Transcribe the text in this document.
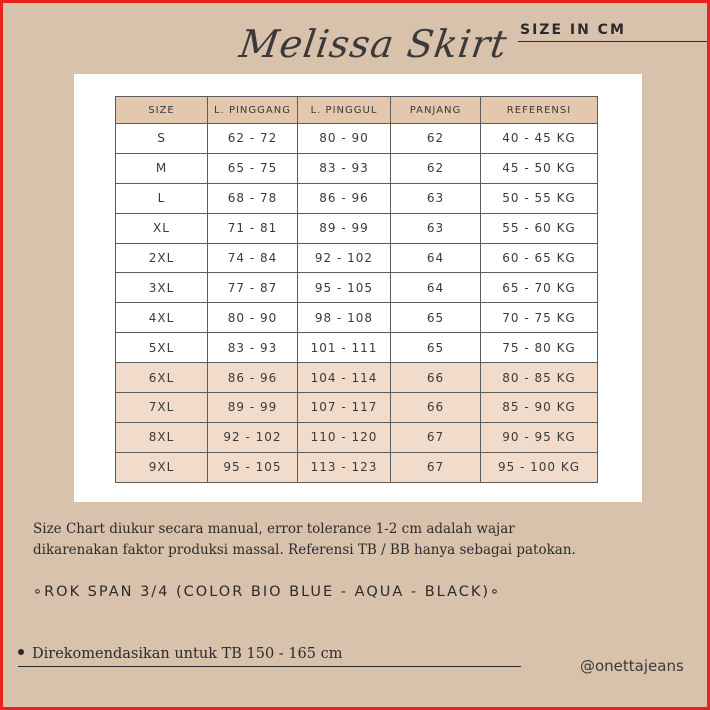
Melissa Skirt SIZE IN CM
SIZE	L. PINGGANG	L. PINGGUL	PANJANG	REFERENSI
S	62 - 72	80 - 90	62	40 - 45 KG
M	65 - 75	83 - 93	62	45 - 50 KG
L	68 - 78	86 - 96	63	50 - 55 KG
XL	71 - 81	89 - 99	63	55 - 60 KG
2XL	74 - 84	92 - 102	64	60 - 65 KG
3XL	77 - 87	95 - 105	64	65 - 70 KG
4XL	80 - 90	98 - 108	65	70 - 75 KG
5XL	83 - 93	101 - 111	65	75 - 80 KG
6XL	86 - 96	104 - 114	66	80 - 85 KG
7XL	89 - 99	107 - 117	66	85 - 90 KG
8XL	92 - 102	110 - 120	67	90 - 95 KG
9XL	95 - 105	113 - 123	67	95 - 100 KG
Size Chart diukur secara manual, error tolerance 1-2 cm adalah wajar
dikarenakan faktor produksi massal. Referensi TB / BB hanya sebagai patokan.
∘ROK SPAN 3/4 (COLOR BIO BLUE - AQUA - BLACK)∘
Direkomendasikan untuk TB 150 - 165 cm
@onettajeans
